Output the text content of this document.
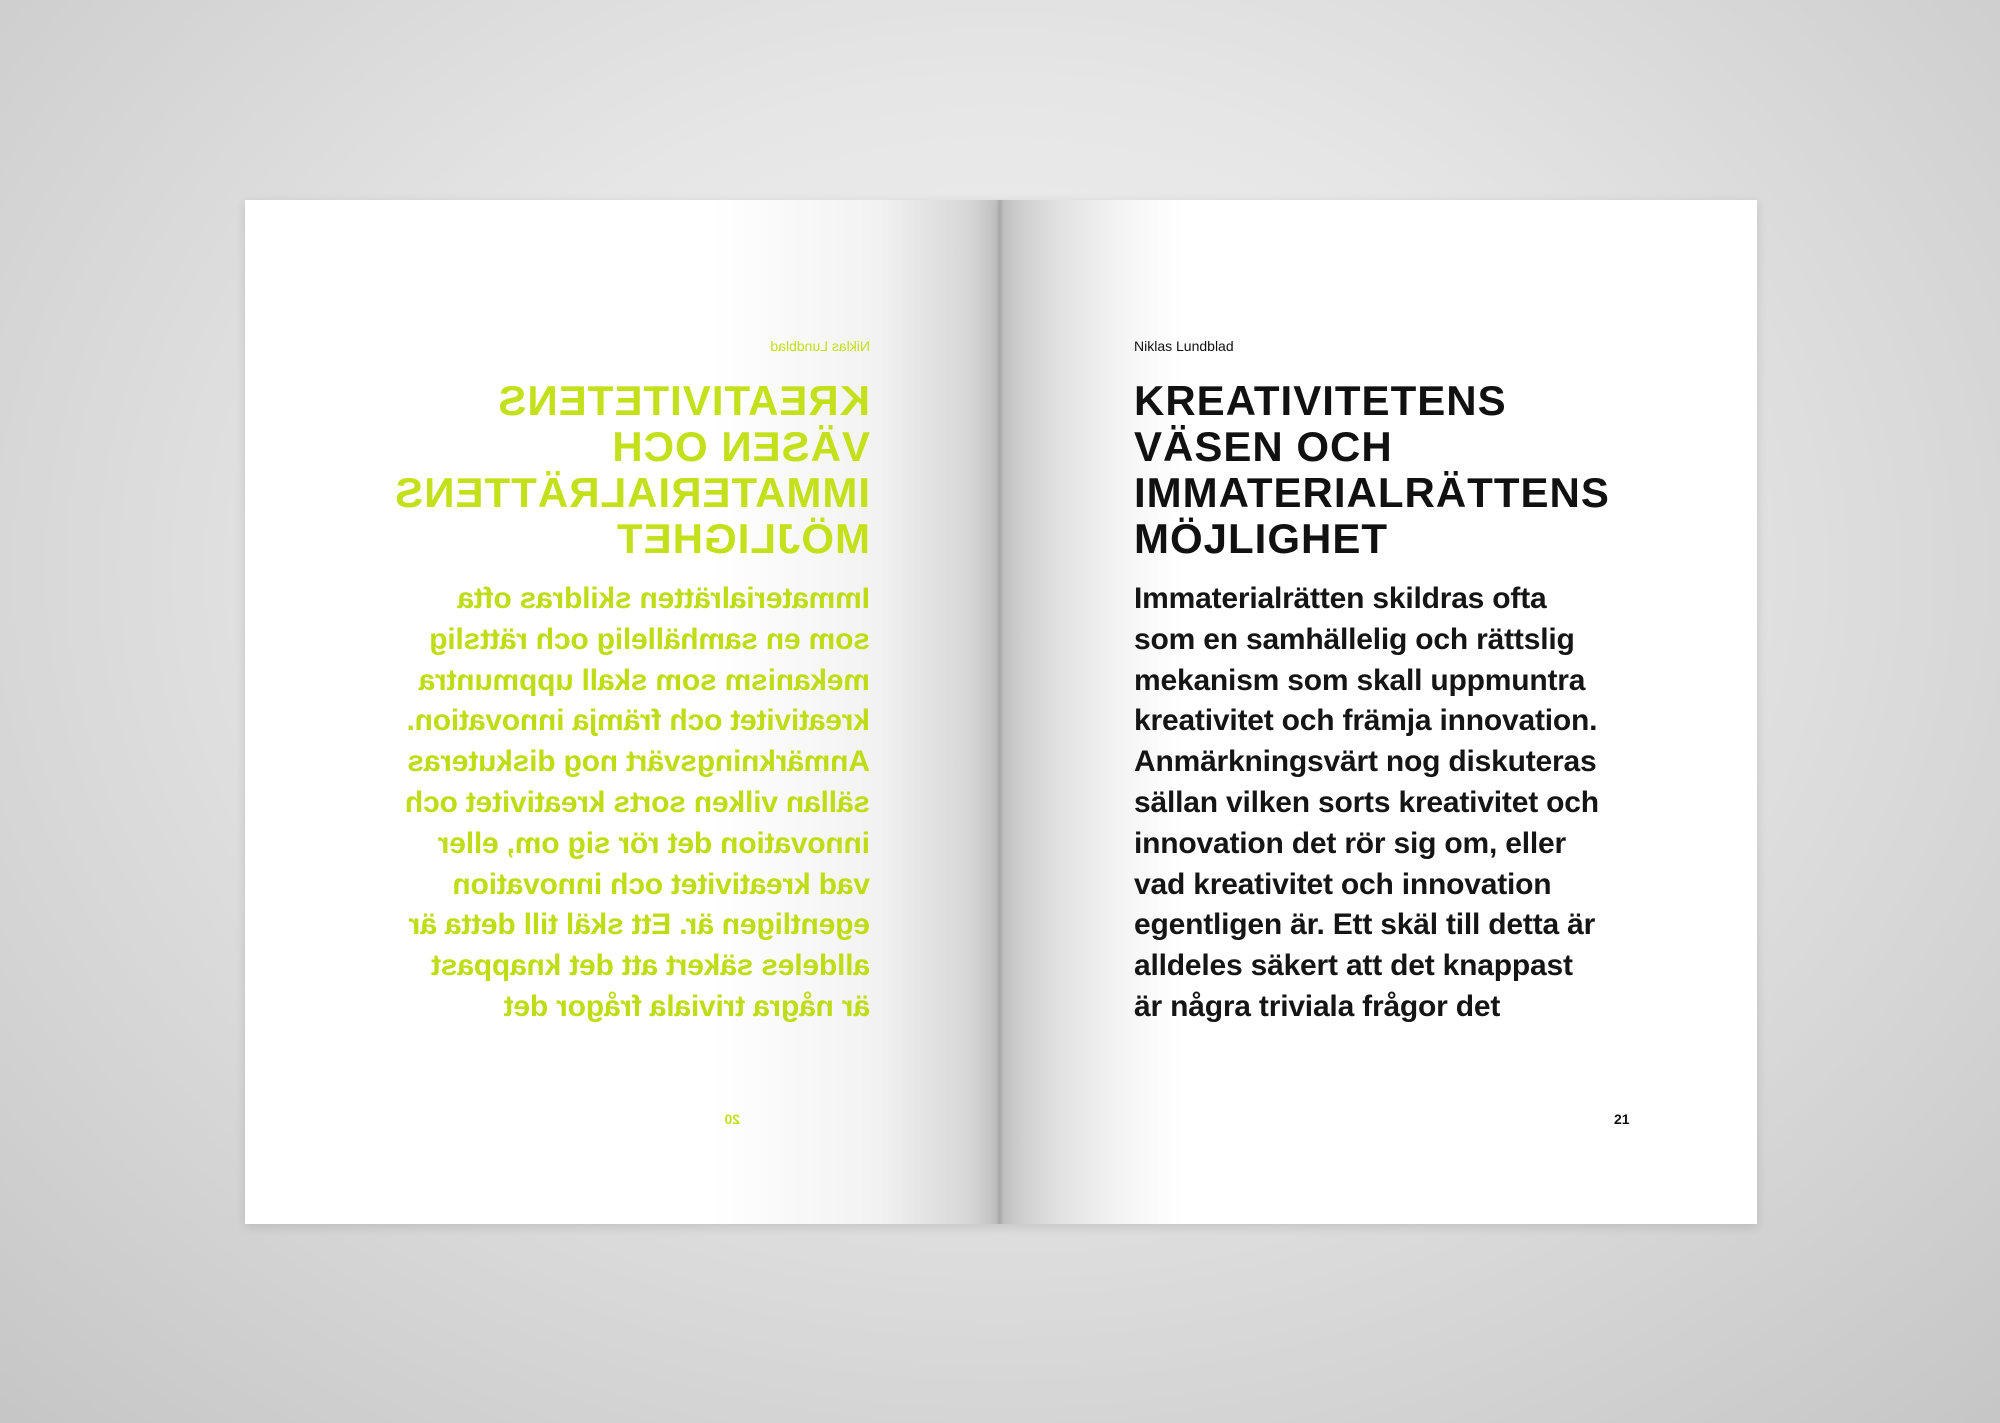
Niklas Lundblad
KREATIVITETENS
VÄSEN OCH
IMMATERIALRÄTTENS
MÖJLIGHET

Immaterialrätten skildras ofta
som en samhällelig och rättslig
mekanism som skall uppmuntra
kreativitet och främja innovation.
Anmärkningsvärt nog diskuteras
sällan vilken sorts kreativitet och
innovation det rör sig om, eller
vad kreativitet och innovation
egentligen är. Ett skäl till detta är
alldeles säkert att det knappast
är några triviala frågor det

20
Niklas Lundblad
KREATIVITETENS
VÄSEN OCH
IMMATERIALRÄTTENS
MÖJLIGHET

Immaterialrätten skildras ofta
som en samhällelig och rättslig
mekanism som skall uppmuntra
kreativitet och främja innovation.
Anmärkningsvärt nog diskuteras
sällan vilken sorts kreativitet och
innovation det rör sig om, eller
vad kreativitet och innovation
egentligen är. Ett skäl till detta är
alldeles säkert att det knappast
är några triviala frågor det

21
